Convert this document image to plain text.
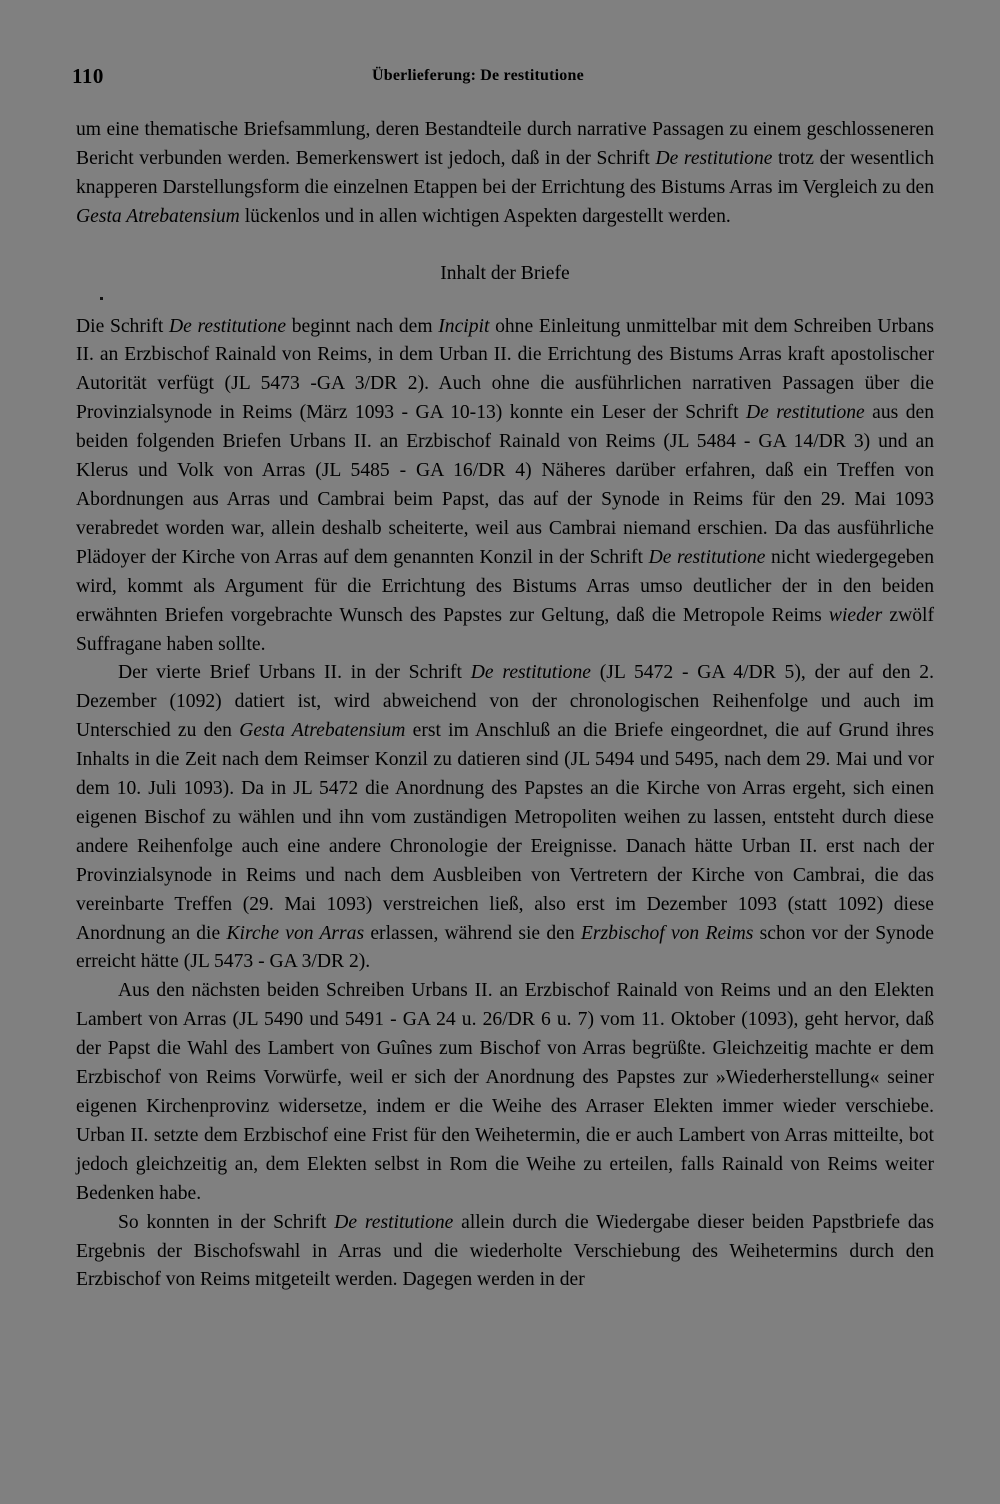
110	Überlieferung: De restitutione

um eine thematische Briefsammlung, deren Bestandteile durch narrative Passagen zu einem geschlosseneren Bericht verbunden werden. Bemerkenswert ist jedoch, daß in der Schrift De restitutione trotz der wesentlich knapperen Darstellungsform die einzelnen Etappen bei der Errichtung des Bistums Arras im Vergleich zu den Gesta Atrebatensium lückenlos und in allen wichtigen Aspekten dargestellt werden.

Inhalt der Briefe

Die Schrift De restitutione beginnt nach dem Incipit ohne Einleitung unmittelbar mit dem Schreiben Urbans II. an Erzbischof Rainald von Reims, in dem Urban II. die Errichtung des Bistums Arras kraft apostolischer Autorität verfügt (JL 5473 -GA 3/DR 2). Auch ohne die ausführlichen narrativen Passagen über die Provinzialsynode in Reims (März 1093 - GA 10-13) konnte ein Leser der Schrift De restitutione aus den beiden folgenden Briefen Urbans II. an Erzbischof Rainald von Reims (JL 5484 - GA 14/DR 3) und an Klerus und Volk von Arras (JL 5485 - GA 16/DR 4) Näheres darüber erfahren, daß ein Treffen von Abordnungen aus Arras und Cambrai beim Papst, das auf der Synode in Reims für den 29. Mai 1093 verabredet worden war, allein deshalb scheiterte, weil aus Cambrai niemand erschien. Da das ausführliche Plädoyer der Kirche von Arras auf dem genannten Konzil in der Schrift De restitutione nicht wiedergegeben wird, kommt als Argument für die Errichtung des Bistums Arras umso deutlicher der in den beiden erwähnten Briefen vorgebrachte Wunsch des Papstes zur Geltung, daß die Metropole Reims wieder zwölf Suffragane haben sollte.

Der vierte Brief Urbans II. in der Schrift De restitutione (JL 5472 - GA 4/DR 5), der auf den 2. Dezember (1092) datiert ist, wird abweichend von der chronologischen Reihenfolge und auch im Unterschied zu den Gesta Atrebatensium erst im Anschluß an die Briefe eingeordnet, die auf Grund ihres Inhalts in die Zeit nach dem Reimser Konzil zu datieren sind (JL 5494 und 5495, nach dem 29. Mai und vor dem 10. Juli 1093). Da in JL 5472 die Anordnung des Papstes an die Kirche von Arras ergeht, sich einen eigenen Bischof zu wählen und ihn vom zuständigen Metropoliten weihen zu lassen, entsteht durch diese andere Reihenfolge auch eine andere Chronologie der Ereignisse. Danach hätte Urban II. erst nach der Provinzialsynode in Reims und nach dem Ausbleiben von Vertretern der Kirche von Cambrai, die das vereinbarte Treffen (29. Mai 1093) verstreichen ließ, also erst im Dezember 1093 (statt 1092) diese Anordnung an die Kirche von Arras erlassen, während sie den Erzbischof von Reims schon vor der Synode erreicht hätte (JL 5473 - GA 3/DR 2).

Aus den nächsten beiden Schreiben Urbans II. an Erzbischof Rainald von Reims und an den Elekten Lambert von Arras (JL 5490 und 5491 - GA 24 u. 26/DR 6 u. 7) vom 11. Oktober (1093), geht hervor, daß der Papst die Wahl des Lambert von Guînes zum Bischof von Arras begrüßte. Gleichzeitig machte er dem Erzbischof von Reims Vorwürfe, weil er sich der Anordnung des Papstes zur »Wiederherstellung« seiner eigenen Kirchenprovinz widersetze, indem er die Weihe des Arraser Elekten immer wieder verschiebe. Urban II. setzte dem Erzbischof eine Frist für den Weihetermin, die er auch Lambert von Arras mitteilte, bot jedoch gleichzeitig an, dem Elekten selbst in Rom die Weihe zu erteilen, falls Rainald von Reims weiter Bedenken habe.

So konnten in der Schrift De restitutione allein durch die Wiedergabe dieser beiden Papstbriefe das Ergebnis der Bischofswahl in Arras und die wiederholte Verschiebung des Weihetermins durch den Erzbischof von Reims mitgeteilt werden. Dagegen werden in der
